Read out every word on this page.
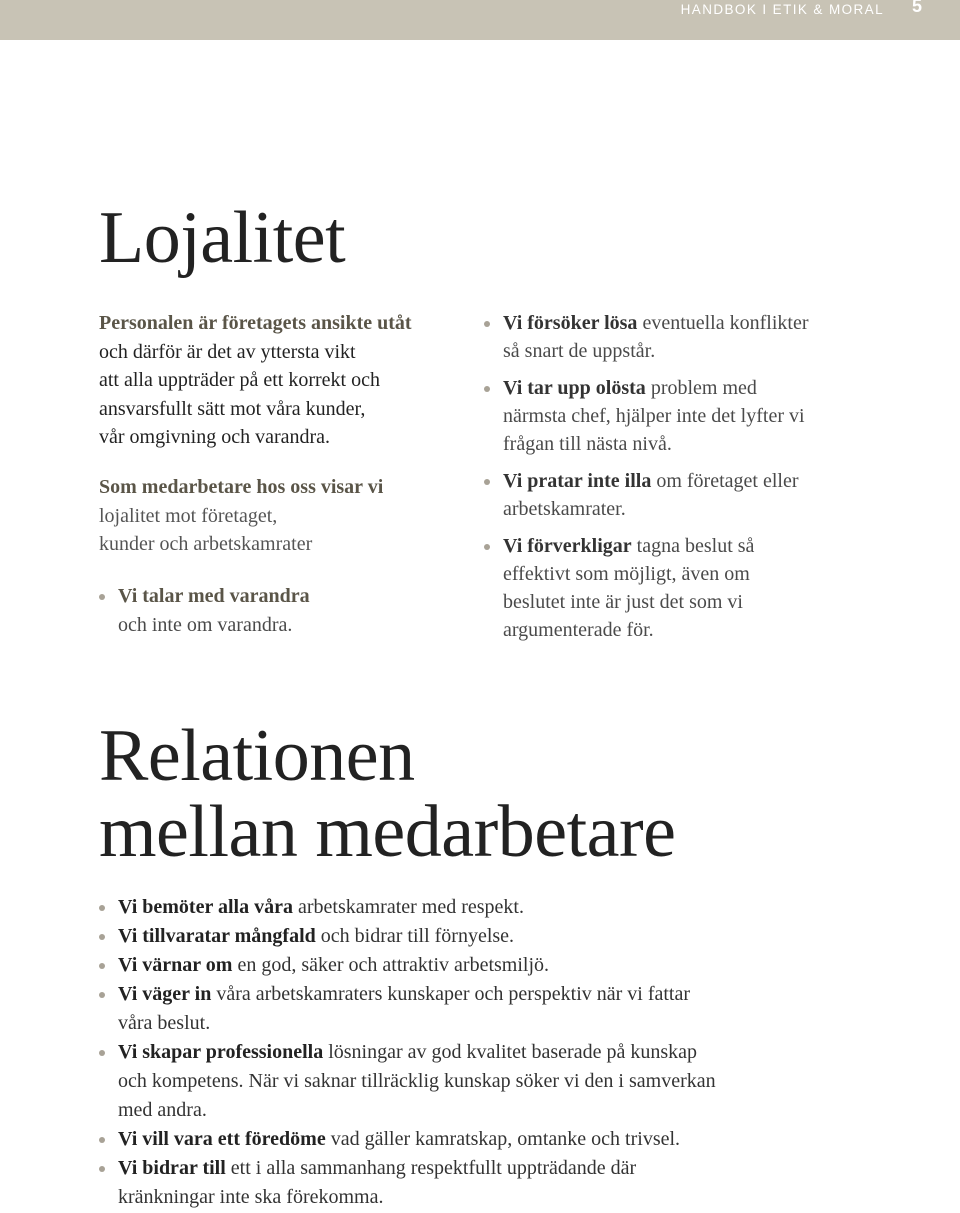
HANDBOK I ETIK & MORAL 5
Lojalitet
Personalen är företagets ansikte utåt
och därför är det av yttersta vikt
att alla uppträder på ett korrekt och
ansvarsfullt sätt mot våra kunder,
vår omgivning och varandra.
Som medarbetare hos oss visar vi
lojalitet mot företaget,
kunder och arbetskamrater
Vi talar med varandra
och inte om varandra.
Vi försöker lösa eventuella konflikter så snart de uppstår.
Vi tar upp olösta problem med närmsta chef, hjälper inte det lyfter vi frågan till nästa nivå.
Vi pratar inte illa om företaget eller arbetskamrater.
Vi förverkligar tagna beslut så effektivt som möjligt, även om beslutet inte är just det som vi argumenterade för.
Relationen
mellan medarbetare
Vi bemöter alla våra arbetskamrater med respekt.
Vi tillvaratar mångfald och bidrar till förnyelse.
Vi värnar om en god, säker och attraktiv arbetsmiljö.
Vi väger in våra arbetskamraters kunskaper och perspektiv när vi fattar våra beslut.
Vi skapar professionella lösningar av god kvalitet baserade på kunskap och kompetens. När vi saknar tillräcklig kunskap söker vi den i samverkan med andra.
Vi vill vara ett föredöme vad gäller kamratskap, omtanke och trivsel.
Vi bidrar till ett i alla sammanhang respektfullt uppträdande där kränkningar inte ska förekomma.
